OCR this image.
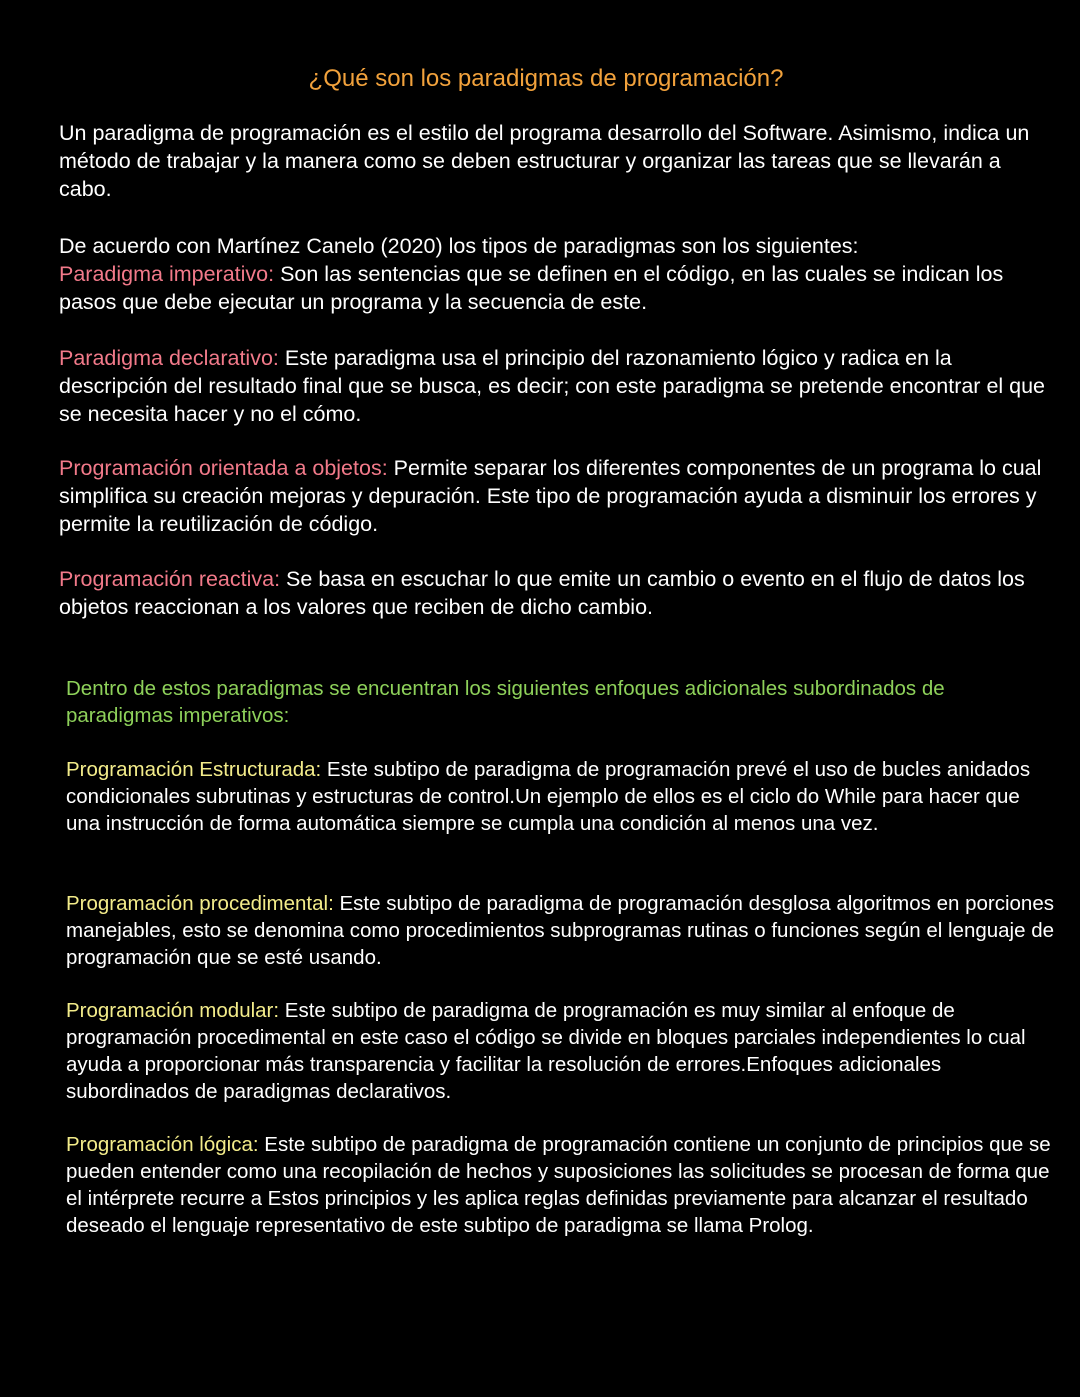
¿Qué son los paradigmas de programación?

Un paradigma de programación es el estilo del programa desarrollo del Software. Asimismo, indica un método de trabajar y la manera como se deben estructurar y organizar las tareas que se llevarán a cabo.

De acuerdo con Martínez Canelo (2020) los tipos de paradigmas son los siguientes:

Paradigma imperativo: Son las sentencias que se definen en el código, en las cuales se indican los pasos que debe ejecutar un programa y la secuencia de este.

Paradigma declarativo: Este paradigma usa el principio del razonamiento lógico y radica en la descripción del resultado final que se busca, es decir; con este paradigma se pretende encontrar el que se necesita hacer y no el cómo.

Programación orientada a objetos: Permite separar los diferentes componentes de un programa lo cual simplifica su creación mejoras y depuración. Este tipo de programación ayuda a disminuir los errores y permite la reutilización de código.

Programación reactiva: Se basa en escuchar lo que emite un cambio o evento en el flujo de datos los objetos reaccionan a los valores que reciben de dicho cambio.

Dentro de estos paradigmas se encuentran los siguientes enfoques adicionales subordinados de paradigmas imperativos:

Programación Estructurada: Este subtipo de paradigma de programación prevé el uso de bucles anidados condicionales subrutinas y estructuras de control.Un ejemplo de ellos es el ciclo do While para hacer que una instrucción de forma automática siempre se cumpla una condición al menos una vez.

Programación procedimental: Este subtipo de paradigma de programación desglosa algoritmos en porciones manejables, esto se denomina como procedimientos subprogramas rutinas o funciones según el lenguaje de programación que se esté usando.

Programación modular: Este subtipo de paradigma de programación es muy similar al enfoque de programación procedimental en este caso el código se divide en bloques parciales independientes lo cual ayuda a proporcionar más transparencia y facilitar la resolución de errores.Enfoques adicionales subordinados de paradigmas declarativos.

Programación lógica: Este subtipo de paradigma de programación contiene un conjunto de principios que se pueden entender como una recopilación de hechos y suposiciones las solicitudes se procesan de forma que el intérprete recurre a Estos principios y les aplica reglas definidas previamente para alcanzar el resultado deseado el lenguaje representativo de este subtipo de paradigma se llama Prolog.
